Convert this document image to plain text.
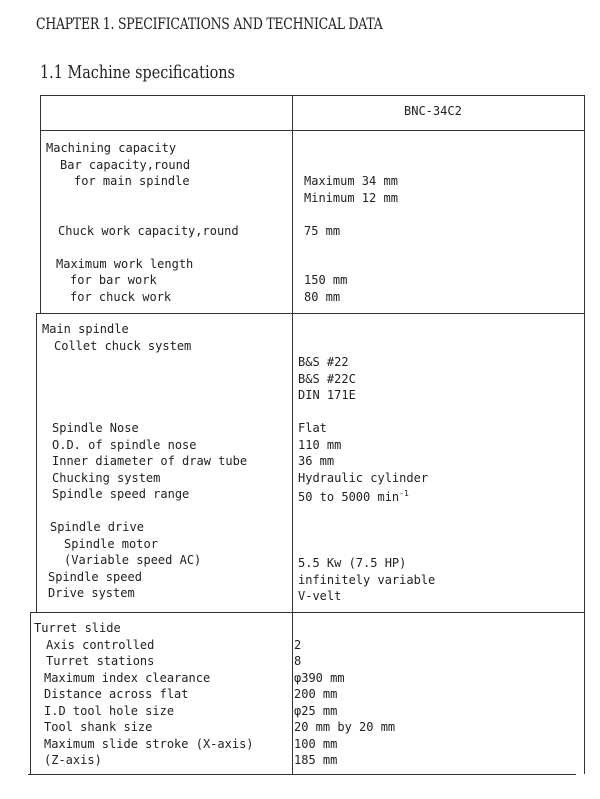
CHAPTER 1. SPECIFICATIONS AND TECHNICAL DATA
1.1 Machine specifications
BNC-34C2
Machining capacity
Bar capacity,round
for main spindle
Chuck work capacity,round
Maximum work length
for bar work
for chuck work
Maximum 34 mm
Minimum 12 mm
75 mm
150 mm
80 mm
Main spindle
Collet chuck system
Spindle Nose
O.D. of spindle nose
Inner diameter of draw tube
Chucking system
Spindle speed range
Spindle drive
Spindle motor
(Variable speed AC)
Spindle speed
Drive system
B&S #22
B&S #22C
DIN 171E
Flat
110 mm
36 mm
Hydraulic cylinder
50 to 5000 $\min^{-1}$
5.5 Kw (7.5 HP)
infinitely variable
V-velt
Turret slide
Axis controlled
Turret stations
Maximum index clearance
Distance across flat
I.D tool hole size
Tool shank size
Maximum slide stroke (X-axis)
(Z-axis)
2
8
φ390 mm
200 mm
φ25 mm
20 mm by 20 mm
100 mm
185 mm
